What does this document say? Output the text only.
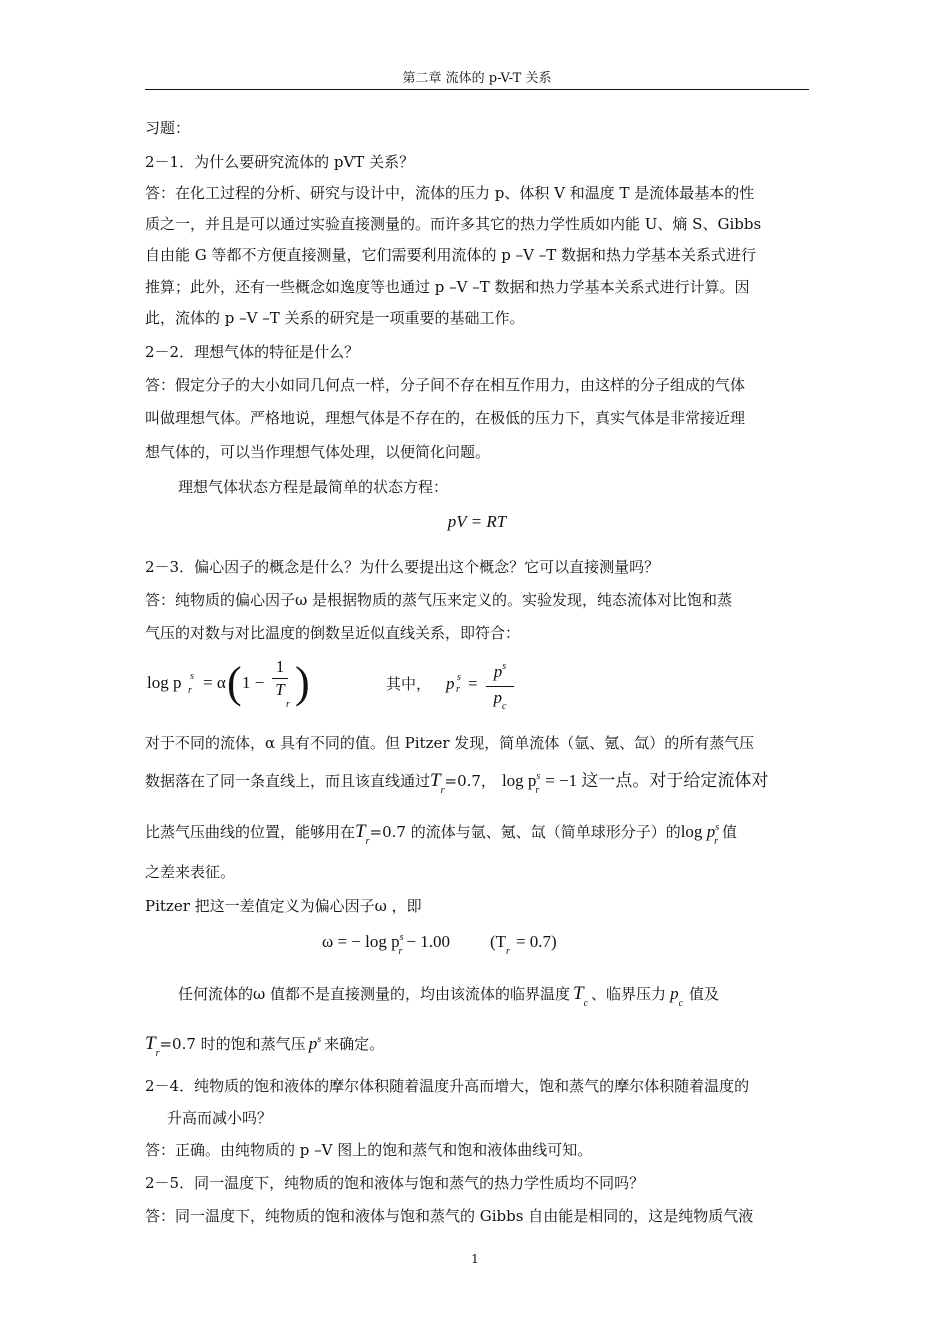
第二章 流体的 p-V-T 关系
习题：
2－1．为什么要研究流体的 pVT 关系？
答：在化工过程的分析、研究与设计中，流体的压力 p、体积 V 和温度 T 是流体最基本的性
质之一，并且是可以通过实验直接测量的。而许多其它的热力学性质如内能 U、熵 S、Gibbs
自由能 G 等都不方便直接测量，它们需要利用流体的 p –V –T 数据和热力学基本关系式进行
推算；此外，还有一些概念如逸度等也通过 p –V –T 数据和热力学基本关系式进行计算。因
此，流体的 p –V –T 关系的研究是一项重要的基础工作。
2－2．理想气体的特征是什么？
答：假定分子的大小如同几何点一样，分子间不存在相互作用力，由这样的分子组成的气体
叫做理想气体。严格地说，理想气体是不存在的，在极低的压力下，真实气体是非常接近理
想气体的，可以当作理想气体处理，以便简化问题。
理想气体状态方程是最简单的状态方程：
pV = RT
2－3．偏心因子的概念是什么？为什么要提出这个概念？它可以直接测量吗？
答：纯物质的偏心因子ω 是根据物质的蒸气压来定义的。实验发现，纯态流体对比饱和蒸
气压的对数与对比温度的倒数呈近似直线关系，即符合：
log p s
r = α ( 1 −
1
T
r )	其中， p s
r =
$p^s$
$p_c$
对于不同的流体，α 具有不同的值。但 Pitzer 发现，简单流体（氩、氪、氙）的所有蒸气压
数据落在了同一条直线上，而且该直线通过$T_r=0.7$， $\log p^s_r= -1$ 这一点。对于给定流体对
比蒸气压曲线的位置，能够用在$T_r=0.7$ 的流体与氩、氪、氙（简单球形分子）的$\log p^s_r$值
之差来表征。
Pitzer 把这一差值定义为偏心因子ω ，即
ω = − $\log p^s_r- 1.00$ $(T_r= 0.7)$
任何流体的ω 值都不是直接测量的，均由该流体的临界温度 $T_c$、临界压力 $p_c$值及
$T_r=0.7$ 时的饱和蒸气压 $p^s$ 来确定。
2－4．纯物质的饱和液体的摩尔体积随着温度升高而增大，饱和蒸气的摩尔体积随着温度的
升高而减小吗？
答：正确。由纯物质的 p –V 图上的饱和蒸气和饱和液体曲线可知。
2－5．同一温度下，纯物质的饱和液体与饱和蒸气的热力学性质均不同吗？
答：同一温度下，纯物质的饱和液体与饱和蒸气的 Gibbs 自由能是相同的，这是纯物质气液
1
